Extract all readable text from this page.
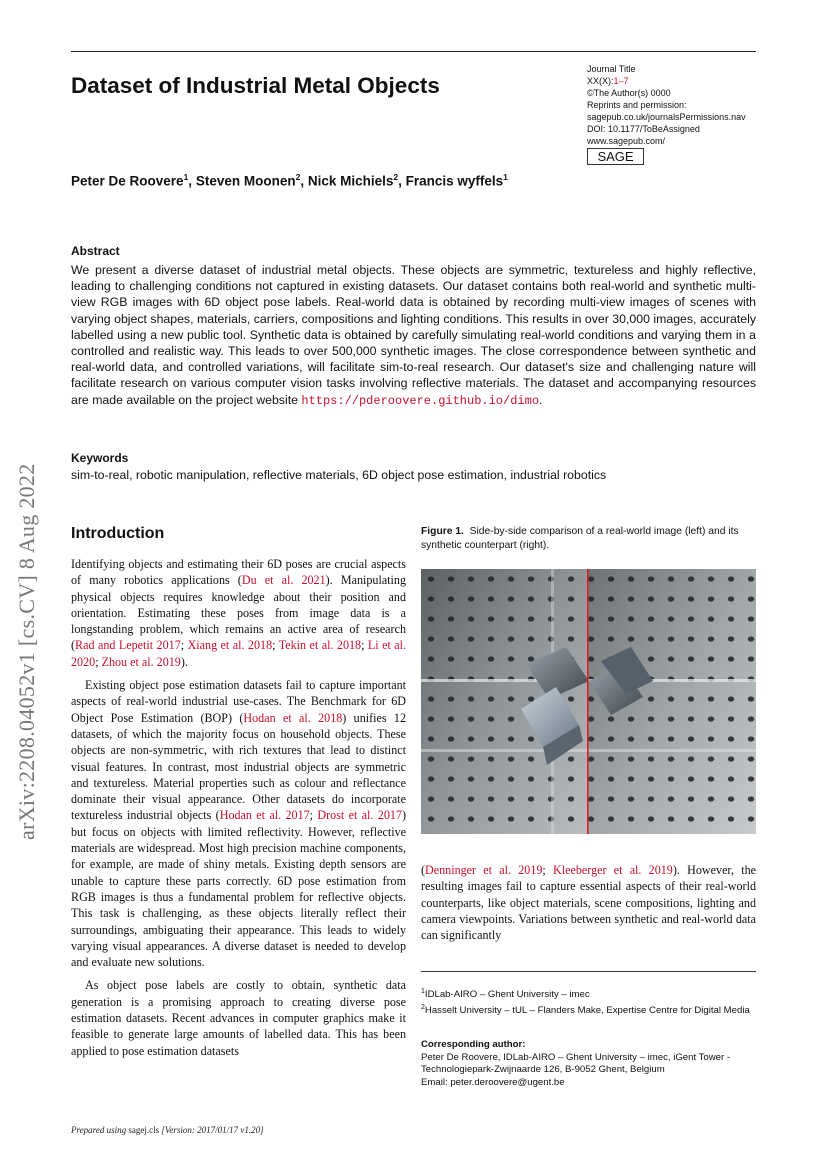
Dataset of Industrial Metal Objects
Journal Title
XX(X):1–7
©The Author(s) 0000
Reprints and permission:
sagepub.co.uk/journalsPermissions.nav
DOI: 10.1177/ToBeAssigned
www.sagepub.com/
SAGE
Peter De Roovere$^1$, Steven Moonen$^2$, Nick Michiels$^2$, Francis wyffels$^1$
Abstract
We present a diverse dataset of industrial metal objects. These objects are symmetric, textureless and highly reflective, leading to challenging conditions not captured in existing datasets. Our dataset contains both real-world and synthetic multi-view RGB images with 6D object pose labels. Real-world data is obtained by recording multi-view images of scenes with varying object shapes, materials, carriers, compositions and lighting conditions. This results in over 30,000 images, accurately labelled using a new public tool. Synthetic data is obtained by carefully simulating real-world conditions and varying them in a controlled and realistic way. This leads to over 500,000 synthetic images. The close correspondence between synthetic and real-world data, and controlled variations, will facilitate sim-to-real research. Our dataset's size and challenging nature will facilitate research on various computer vision tasks involving reflective materials. The dataset and accompanying resources are made available on the project website https://pderoovere.github.io/dimo.
Keywords
sim-to-real, robotic manipulation, reflective materials, 6D object pose estimation, industrial robotics
arXiv:2208.04052v1 [cs.CV] 8 Aug 2022 Introduction

Identifying objects and estimating their 6D poses are crucial aspects of many robotics applications (Du et al. 2021). Manipulating physical objects requires knowledge about their position and orientation. Estimating these poses from image data is a longstanding problem, which remains an active area of research (Rad and Lepetit 2017; Xiang et al. 2018; Tekin et al. 2018; Li et al. 2020; Zhou et al. 2019).

Existing object pose estimation datasets fail to capture important aspects of real-world industrial use-cases. The Benchmark for 6D Object Pose Estimation (BOP) (Hodan et al. 2018) unifies 12 datasets, of which the majority focus on household objects. These objects are non-symmetric, with rich textures that lead to distinct visual features. In contrast, most industrial objects are symmetric and textureless. Material properties such as colour and reflectance dominate their visual appearance. Other datasets do incorporate textureless industrial objects (Hodan et al. 2017; Drost et al. 2017) but focus on objects with limited reflectivity. However, reflective materials are widespread. Most high precision machine components, for example, are made of shiny metals. Existing depth sensors are unable to capture these parts correctly. 6D pose estimation from RGB images is thus a fundamental problem for reflective objects. This task is challenging, as these objects literally reflect their surroundings, ambiguating their appearance. This leads to widely varying visual appearances. A diverse dataset is needed to develop and evaluate new solutions.

As object pose labels are costly to obtain, synthetic data generation is a promising approach to creating diverse pose estimation datasets. Recent advances in computer graphics make it feasible to generate large amounts of labelled data. This has been applied to pose estimation datasets

Figure 1. Side-by-side comparison of a real-world image (left) and its synthetic counterpart (right).
(Denninger et al. 2019; Kleeberger et al. 2019). However, the resulting images fail to capture essential aspects of their real-world counterparts, like object materials, scene compositions, lighting and camera viewpoints. Variations between synthetic and real-world data can significantly
$^1$IDLab-AIRO – Ghent University – imec
$^2$Hasselt University – tUL – Flanders Make, Expertise Centre for Digital Media
Corresponding author:
Peter De Roovere, IDLab-AIRO – Ghent University – imec, iGent Tower - Technologiepark-Zwijnaarde 126, B-9052 Ghent, Belgium
Email: peter.deroovere@ugent.be
Prepared using sagej.cls [Version: 2017/01/17 v1.20]
